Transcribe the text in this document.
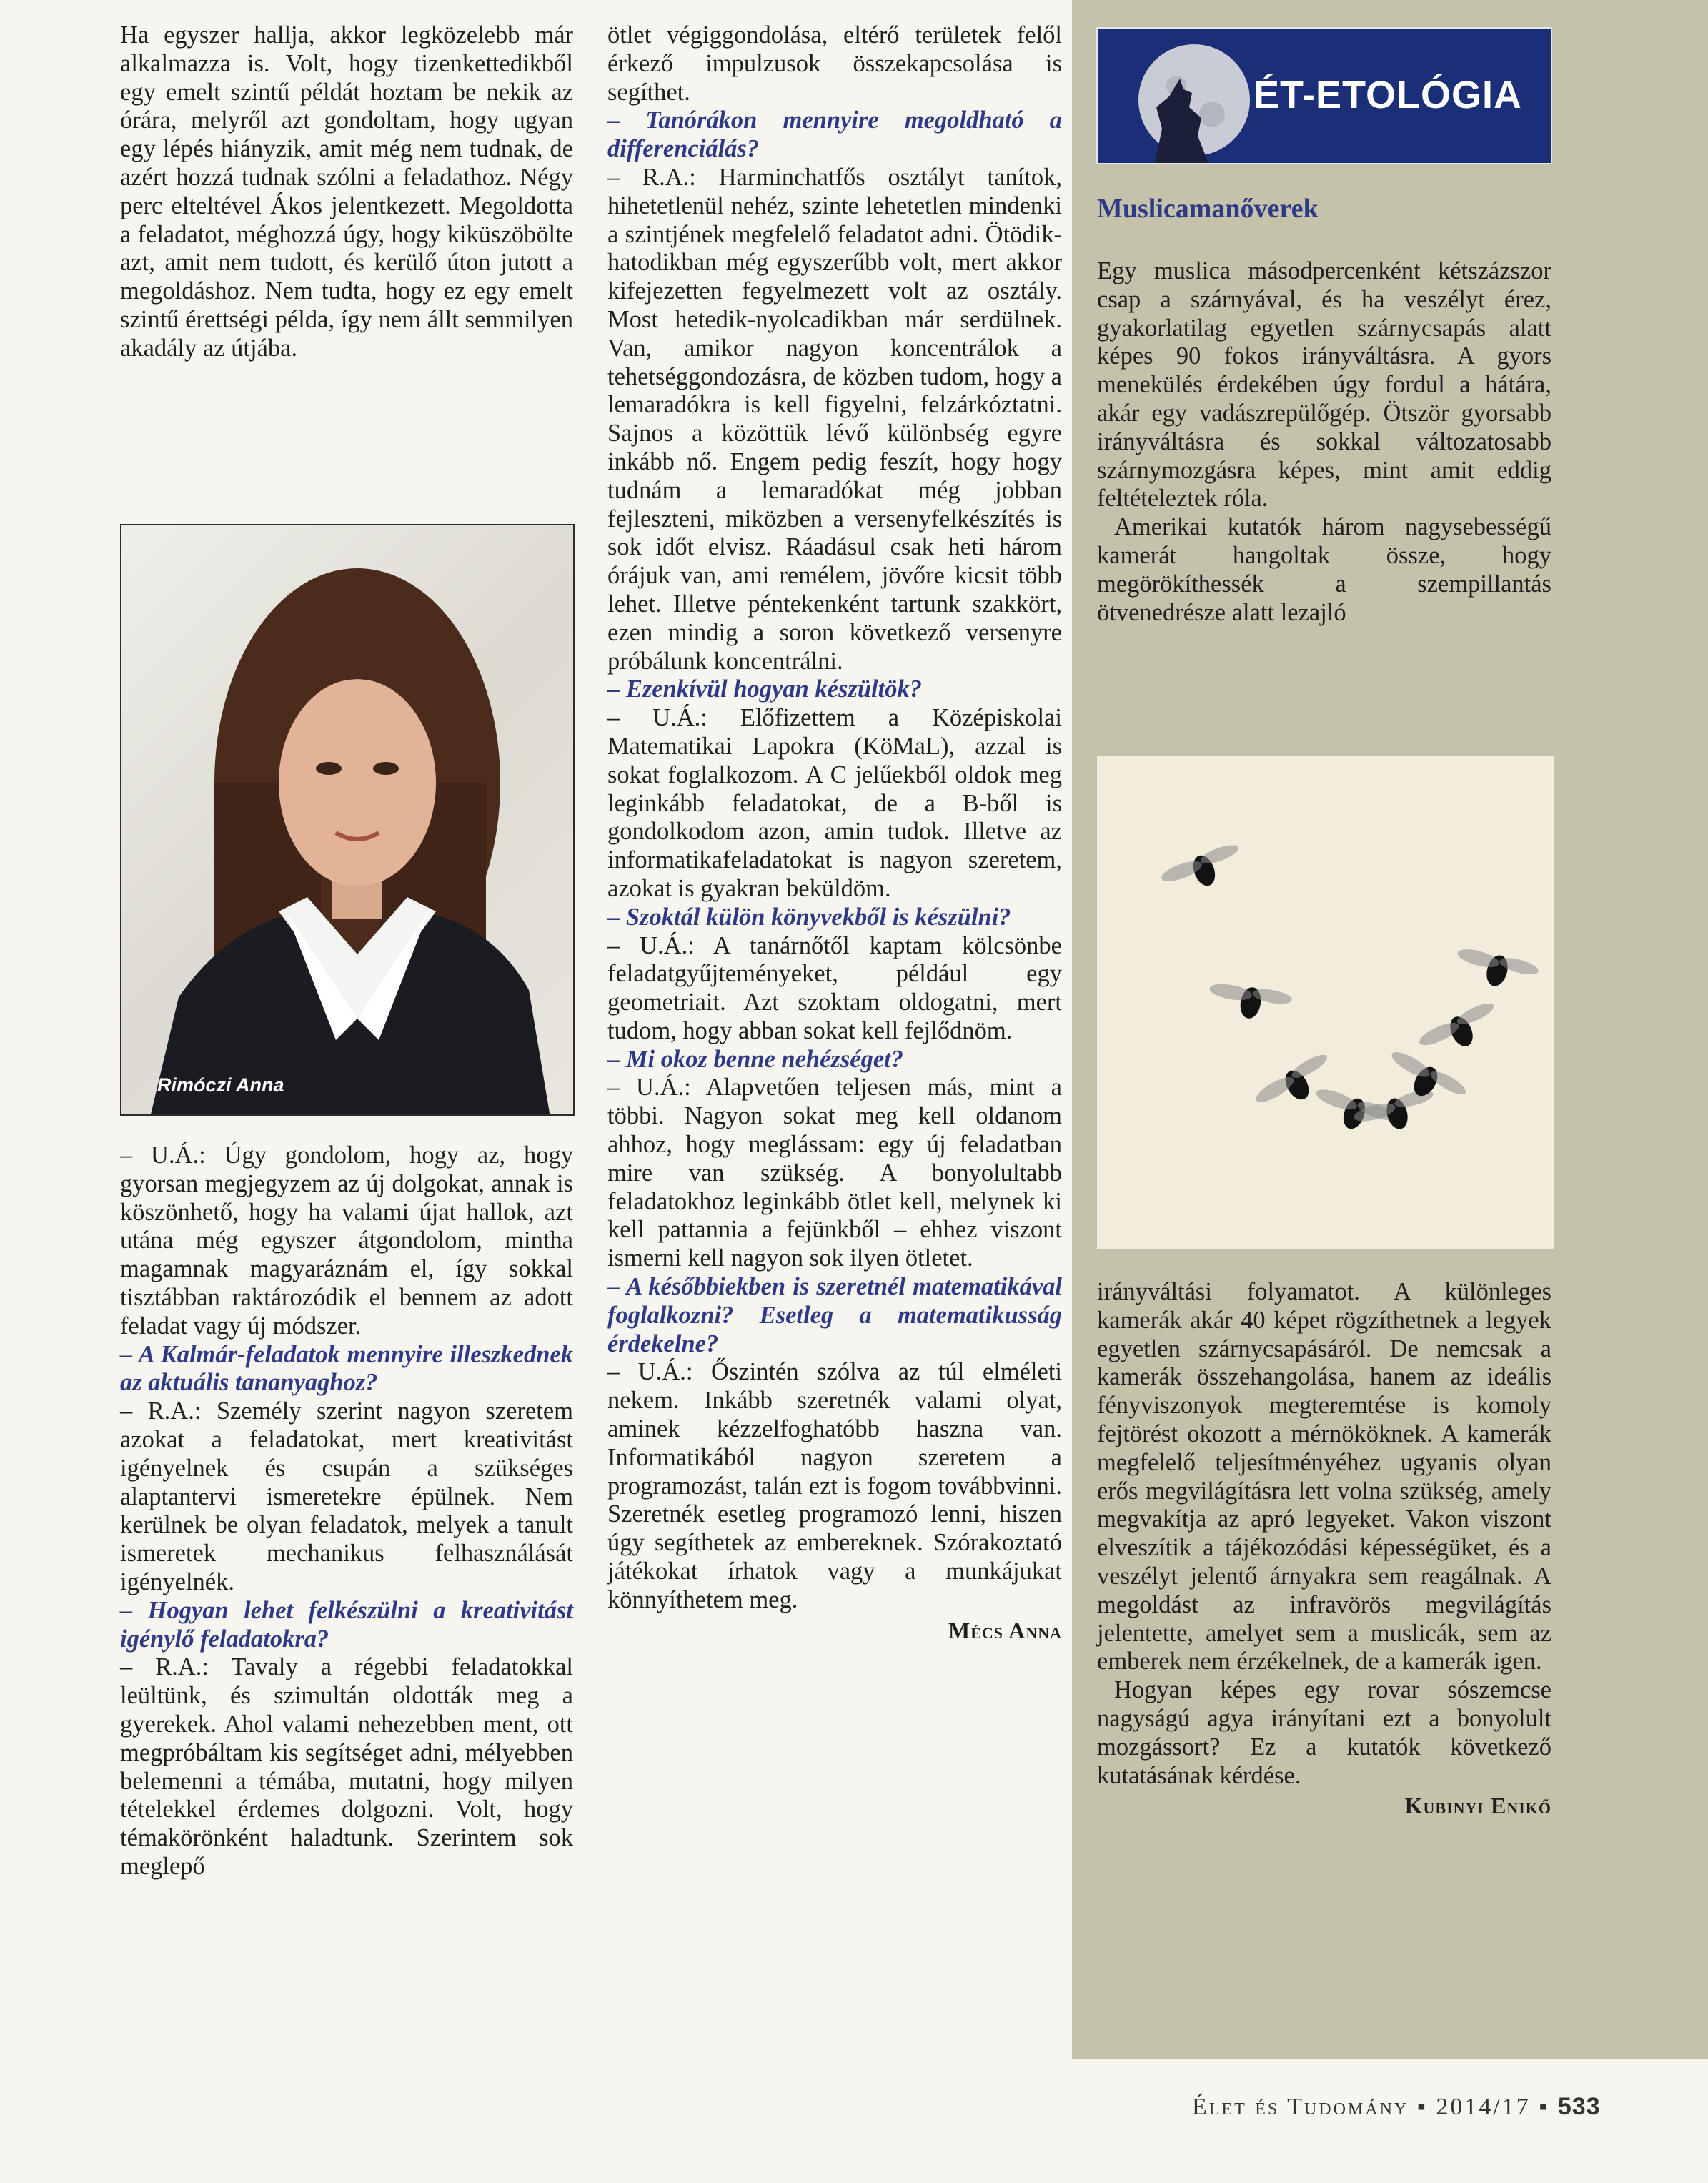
Ha egyszer hallja, akkor legközelebb már alkalmazza is. Volt, hogy tizenkettedikből egy emelt szintű példát hoztam be nekik az órára, melyről azt gondoltam, hogy ugyan egy lépés hiányzik, amit még nem tudnak, de azért hozzá tudnak szólni a feladathoz. Négy perc elteltével Ákos jelentkezett. Megoldotta a feladatot, méghozzá úgy, hogy kiküszöbölte azt, amit nem tudott, és kerülő úton jutott a megoldáshoz. Nem tudta, hogy ez egy emelt szintű érettségi példa, így nem állt semmilyen akadály az útjába.

Rimóczi Anna

– U.Á.: Úgy gondolom, hogy az, hogy gyorsan megjegyzem az új dolgokat, annak is köszönhető, hogy ha valami újat hallok, azt utána még egyszer átgondolom, mintha magamnak magyaráznám el, így sokkal tisztábban raktározódik el bennem az adott feladat vagy új módszer.

– A Kalmár-feladatok mennyire illeszkednek az aktuális tananyaghoz?

– R.A.: Személy szerint nagyon szeretem azokat a feladatokat, mert kreativitást igényelnek és csupán a szükséges alaptantervi ismeretekre épülnek. Nem kerülnek be olyan feladatok, melyek a tanult ismeretek mechanikus felhasználását igényelnék.

– Hogyan lehet felkészülni a kreativitást igénylő feladatokra?

– R.A.: Tavaly a régebbi feladatokkal leültünk, és szimultán oldották meg a gyerekek. Ahol valami nehezebben ment, ott megpróbáltam kis segítséget adni, mélyebben belemenni a témába, mutatni, hogy milyen tételekkel érdemes dolgozni. Volt, hogy témakörönként haladtunk. Szerintem sok meglepő

ötlet végiggondolása, eltérő területek felől érkező impulzusok összekapcsolása is segíthet.

– Tanórákon mennyire megoldható a differenciálás?

– R.A.: Harminchatfős osztályt tanítok, hihetetlenül nehéz, szinte lehetetlen mindenki a szintjének megfelelő feladatot adni. Ötödik-hatodikban még egyszerűbb volt, mert akkor kifejezetten fegyelmezett volt az osztály. Most hetedik-nyolcadikban már serdülnek. Van, amikor nagyon koncentrálok a tehetséggondozásra, de közben tudom, hogy a lemaradókra is kell figyelni, felzárkóztatni. Sajnos a közöttük lévő különbség egyre inkább nő. Engem pedig feszít, hogy hogy tudnám a lemaradókat még jobban fejleszteni, miközben a versenyfelkészítés is sok időt elvisz. Ráadásul csak heti három órájuk van, ami remélem, jövőre kicsit több lehet. Illetve péntekenként tartunk szakkört, ezen mindig a soron következő versenyre próbálunk koncentrálni.

– Ezenkívül hogyan készültök?

– U.Á.: Előfizettem a Középiskolai Matematikai Lapokra (KöMaL), azzal is sokat foglalkozom. A C jelűekből oldok meg leginkább feladatokat, de a B-ből is gondolkodom azon, amin tudok. Illetve az informatikafeladatokat is nagyon szeretem, azokat is gyakran beküldöm.

– Szoktál külön könyvekből is készülni?

– U.Á.: A tanárnőtől kaptam kölcsönbe feladatgyűjteményeket, például egy geometriait. Azt szoktam oldogatni, mert tudom, hogy abban sokat kell fejlődnöm.

– Mi okoz benne nehézséget?

– U.Á.: Alapvetően teljesen más, mint a többi. Nagyon sokat meg kell oldanom ahhoz, hogy meglássam: egy új feladatban mire van szükség. A bonyolultabb feladatokhoz leginkább ötlet kell, melynek ki kell pattannia a fejünkből – ehhez viszont ismerni kell nagyon sok ilyen ötletet.

– A későbbiekben is szeretnél matematikával foglalkozni? Esetleg a matematikusság érdekelne?

– U.Á.: Őszintén szólva az túl elméleti nekem. Inkább szeretnék valami olyat, aminek kézzelfoghatóbb haszna van. Informatikából nagyon szeretem a programozást, talán ezt is fogom továbbvinni. Szeretnék esetleg programozó lenni, hiszen úgy segíthetek az embereknek. Szórakoztató játékokat írhatok vagy a munkájukat könnyíthetem meg.

Mécs Anna

ÉT-ETOLÓGIA

Muslicamanőverek

Egy muslica másodpercenként kétszázszor csap a szárnyával, és ha veszélyt érez, gyakorlatilag egyetlen szárnycsapás alatt képes 90 fokos irányváltásra. A gyors menekülés érdekében úgy fordul a hátára, akár egy vadászrepülőgép. Ötször gyorsabb irányváltásra és sokkal változatosabb szárnymozgásra képes, mint amit eddig feltételeztek róla.

Amerikai kutatók három nagysebességű kamerát hangoltak össze, hogy megörökíthessék a szempillantás ötvenedrésze alatt lezajló

irányváltási folyamatot. A különleges kamerák akár 40 képet rögzíthetnek a legyek egyetlen szárnycsapásáról. De nemcsak a kamerák összehangolása, hanem az ideális fényviszonyok megteremtése is komoly fejtörést okozott a mérnököknek. A kamerák megfelelő teljesítményéhez ugyanis olyan erős megvilágításra lett volna szükség, amely megvakítja az apró legyeket. Vakon viszont elveszítik a tájékozódási képességüket, és a veszélyt jelentő árnyakra sem reagálnak. A megoldást az infravörös megvilágítás jelentette, amelyet sem a muslicák, sem az emberek nem érzékelnek, de a kamerák igen.

Hogyan képes egy rovar sószemcse nagyságú agya irányítani ezt a bonyolult mozgássort? Ez a kutatók következő kutatásának kérdése.

Kubinyi Enikő

Élet és Tudomány ▪ 2014/17 ▪ 533
